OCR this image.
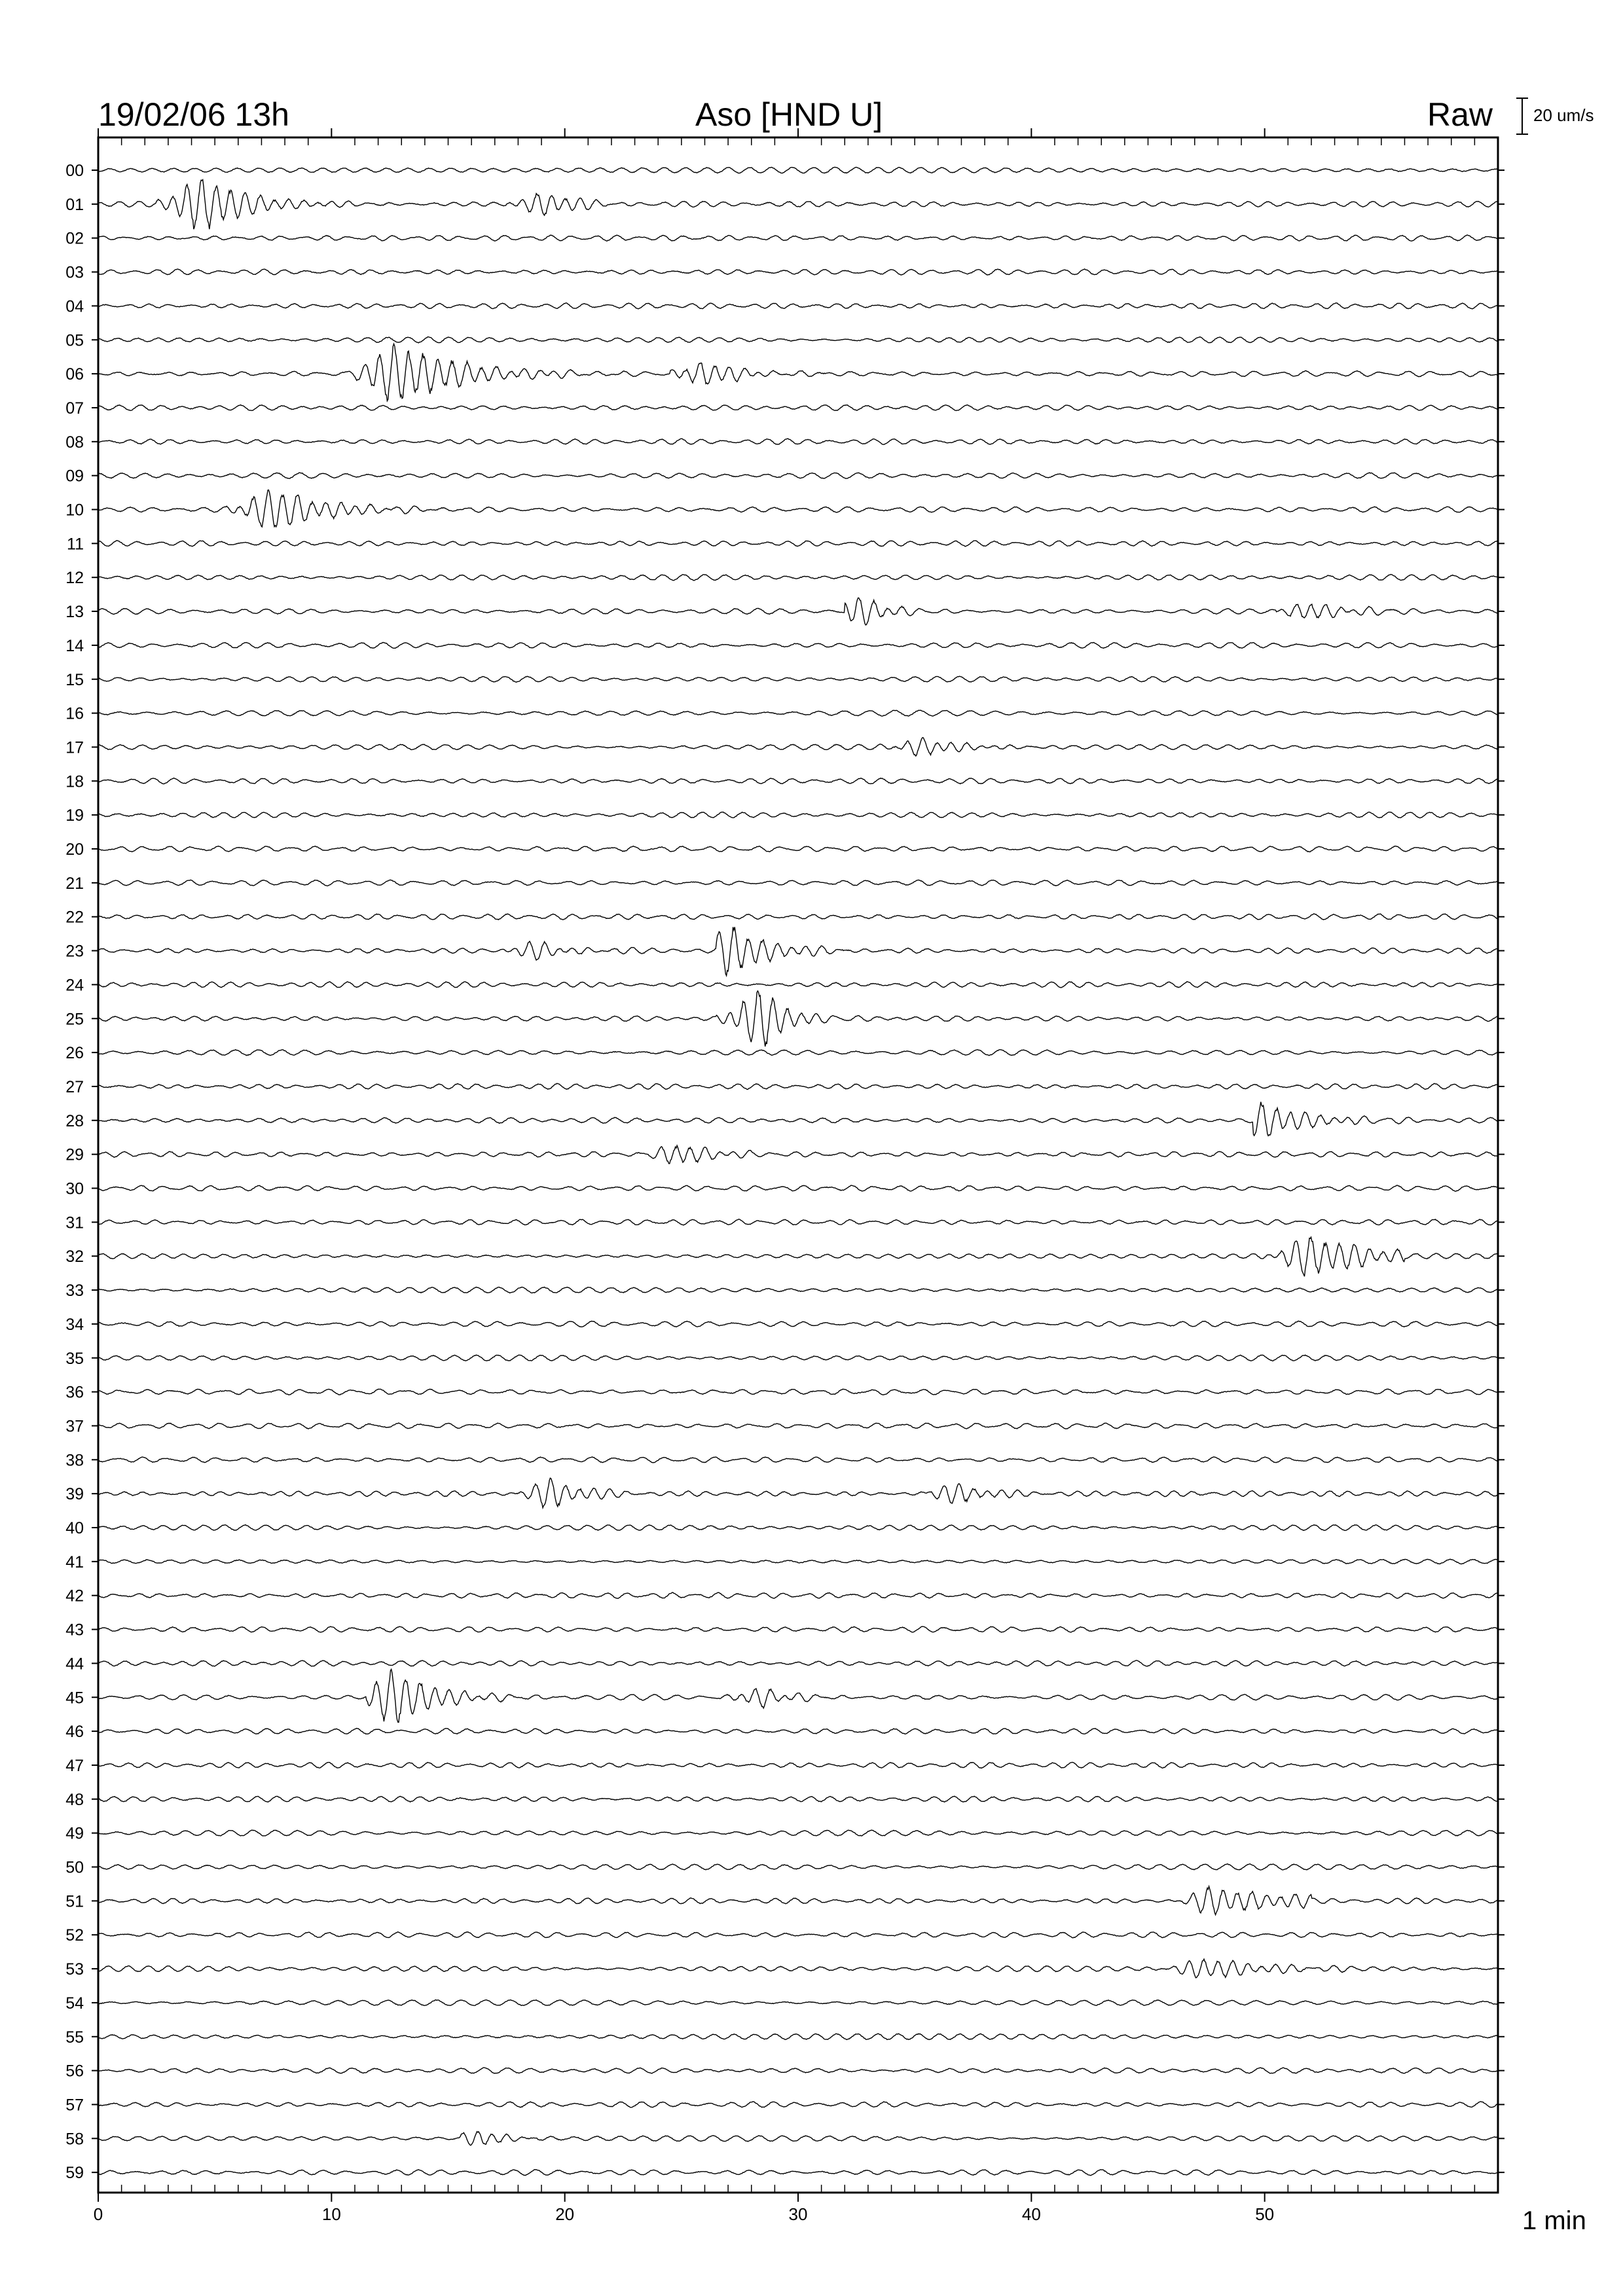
19/02/06 13h	Aso [HND U]	Raw 20 um/s
1 min
00
01
02
03
04
05
06
07
08
09
10
11
12
13
14
15
16
17
18
19
20
21
22
23
24
25
26
27
28
29
30
31
32
33
34
35
36
37
38
39
40
41
42
43
44
45
46
47
48
49
50
51
52
53
54
55
56
57
58
59
0	10	20	30	40	50
